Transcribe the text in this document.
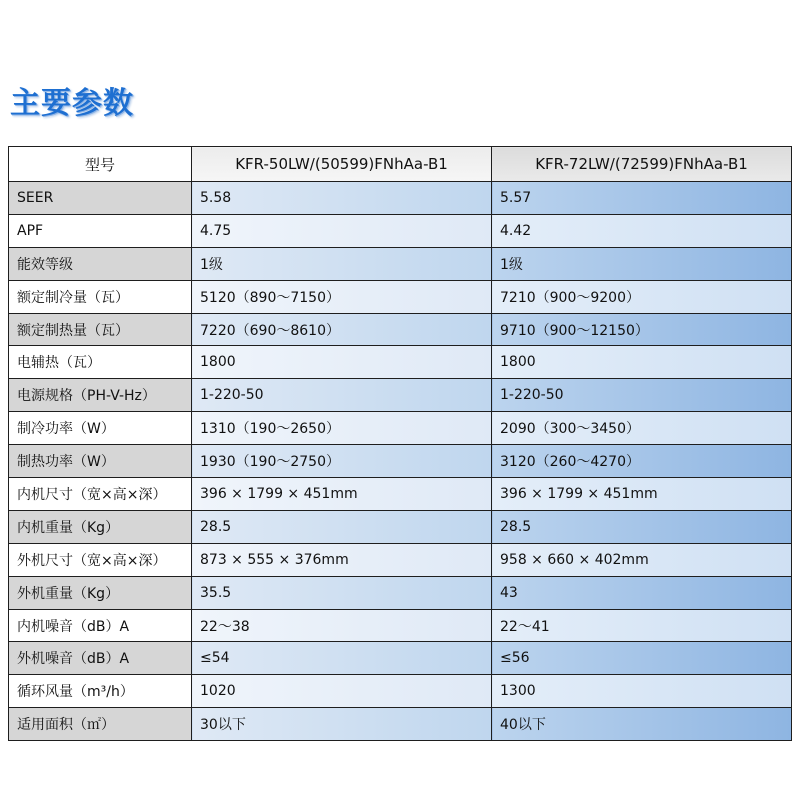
主要参数
型号	KFR-50LW/(50599)FNhAa-B1	KFR-72LW/(72599)FNhAa-B1
SEER	5.58	5.57
APF	4.75	4.42
能效等级	1级	1级
额定制冷量（瓦）	5120（890～7150）	7210（900～9200）
额定制热量（瓦）	7220（690～8610）	9710（900～12150）
电辅热（瓦）	1800	1800
电源规格（PH-V-Hz）	1-220-50	1-220-50
制冷功率（W）	1310（190～2650）	2090（300～3450）
制热功率（W）	1930（190～2750）	3120（260～4270）
内机尺寸（宽×高×深）	396 × 1799 × 451mm	396 × 1799 × 451mm
内机重量（Kg）	28.5	28.5
外机尺寸（宽×高×深）	873 × 555 × 376mm	958 × 660 × 402mm
外机重量（Kg）	35.5	43
内机噪音（dB）A	22～38	22～41
外机噪音（dB）A	≤54	≤56
循环风量（m³/h）	1020	1300
适用面积（㎡）	30以下	40以下
